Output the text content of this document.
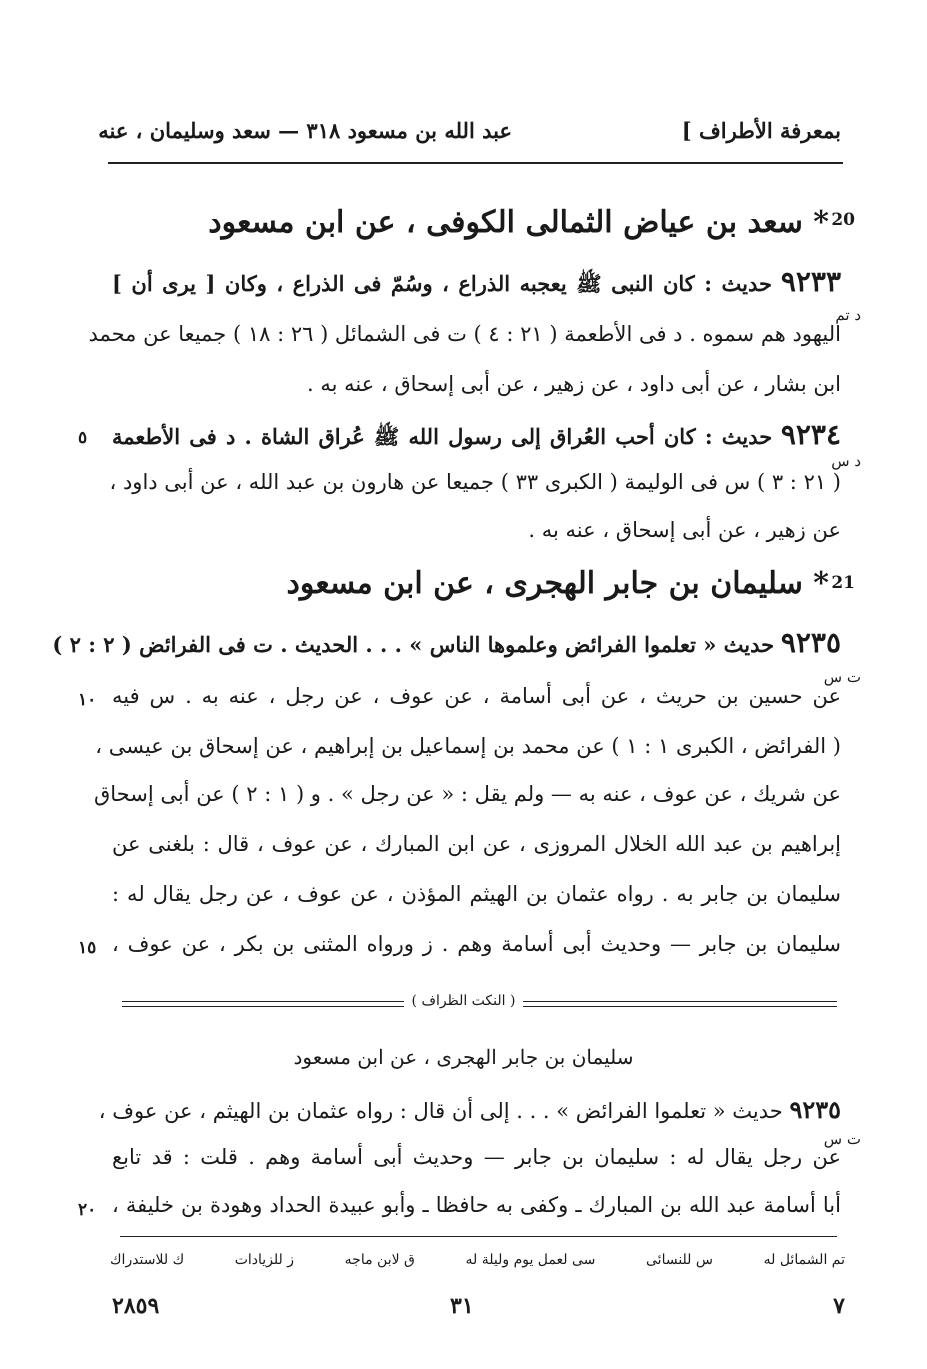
بمعرفة الأطراف ]
عبد الله بن مسعود ٣١٨ — سعد وسليمان ، عنه
20
* سعد بن عياض الثمالى الكوفى ، عن ابن مسعود
٩٢٣٣ حديث : كان النبى ﷺ يعجبه الذراع ، وسُمّ فى الذراع ، وكان [ يرى أن ]
د تم
اليهود هم سموه . د فى الأطعمة ( ٢١ : ٤ ) ت فى الشمائل ( ٢٦ : ١٨ ) جميعا عن محمد
ابن بشار ، عن أبى داود ، عن زهير ، عن أبى إسحاق ، عنه به .
٩٢٣٤ حديث : كان أحب العُراق إلى رسول الله ﷺ عُراق الشاة . د فى الأطعمة
٥
د س
( ٢١ : ٣ ) س فى الوليمة ( الكبرى ٣٣ ) جميعا عن هارون بن عبد الله ، عن أبى داود ،
عن زهير ، عن أبى إسحاق ، عنه به .
21
* سليمان بن جابر الهجرى ، عن ابن مسعود
٩٢٣٥ حديث « تعلموا الفرائض وعلموها الناس » . . . الحديث . ت فى الفرائض ( ٢ : ٢ )
ت س
عن حسين بن حريث ، عن أبى أسامة ، عن عوف ، عن رجل ، عنه به . س فيه
١٠
( الفرائض ، الكبرى ١ : ١ ) عن محمد بن إسماعيل بن إبراهيم ، عن إسحاق بن عيسى ،
عن شريك ، عن عوف ، عنه به — ولم يقل : « عن رجل » . و ( ١ : ٢ ) عن أبى إسحاق
إبراهيم بن عبد الله الخلال المروزى ، عن ابن المبارك ، عن عوف ، قال : بلغنى عن
سليمان بن جابر به . رواه عثمان بن الهيثم المؤذن ، عن عوف ، عن رجل يقال له :
سليمان بن جابر — وحديث أبى أسامة وهم . ز ورواه المثنى بن بكر ، عن عوف ،
١٥
( النكت الظراف )
سليمان بن جابر الهجرى ، عن ابن مسعود
٩٢٣٥ حديث « تعلموا الفرائض » . . . إلى أن قال : رواه عثمان بن الهيثم ، عن عوف ،
ت س
عن رجل يقال له : سليمان بن جابر — وحديث أبى أسامة وهم . قلت : قد تابع
أبا أسامة عبد الله بن المبارك ـ وكفى به حافظا ـ وأبو عبيدة الحداد وهودة بن خليفة ،
٢٠
تم الشمائل له
س للنسائى
سى لعمل يوم وليلة له
ق لابن ماجه
ز للزيادات
ك للاستدراك
٧
٣١
٢٨٥٩
